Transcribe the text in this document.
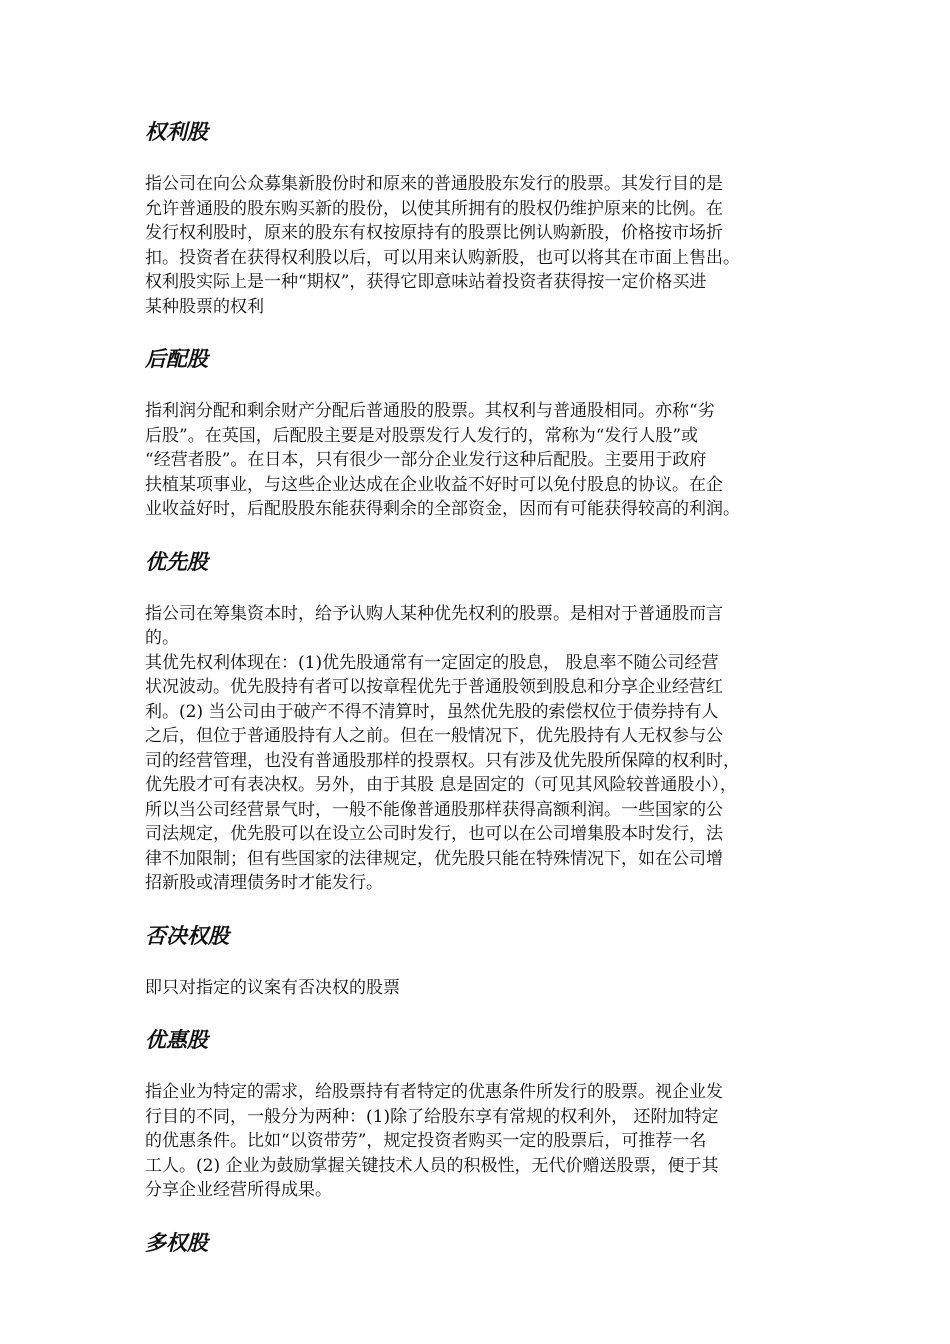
权利股

指公司在向公众募集新股份时和原来的普通股股东发行的股票。其发行目的是
允许普通股的股东购买新的股份，以使其所拥有的股权仍维护原来的比例。在
发行权利股时，原来的股东有权按原持有的股票比例认购新股，价格按市场折
扣。投资者在获得权利股以后，可以用来认购新股，也可以将其在市面上售出。
权利股实际上是一种“期权”，获得它即意味站着投资者获得按一定价格买进
某种股票的权利

后配股

指利润分配和剩余财产分配后普通股的股票。其权利与普通股相同。亦称“劣
后股”。在英国，后配股主要是对股票发行人发行的，常称为“发行人股”或
“经营者股”。在日本，只有很少一部分企业发行这种后配股。主要用于政府
扶植某项事业，与这些企业达成在企业收益不好时可以免付股息的协议。在企
业收益好时，后配股股东能获得剩余的全部资金，因而有可能获得较高的利润。

优先股

指公司在筹集资本时，给予认购人某种优先权利的股票。是相对于普通股而言
的。
其优先权利体现在：(1)优先股通常有一定固定的股息， 股息率不随公司经营
状况波动。优先股持有者可以按章程优先于普通股领到股息和分享企业经营红
利。(2) 当公司由于破产不得不清算时，虽然优先股的索偿权位于债券持有人
之后，但位于普通股持有人之前。但在一般情况下，优先股持有人无权参与公
司的经营管理，也没有普通股那样的投票权。只有涉及优先股所保障的权利时，
优先股才可有表决权。另外，由于其股 息是固定的（可见其风险较普通股小），
所以当公司经营景气时，一般不能像普通股那样获得高额利润。一些国家的公
司法规定，优先股可以在设立公司时发行，也可以在公司增集股本时发行，法
律不加限制；但有些国家的法律规定，优先股只能在特殊情况下，如在公司增
招新股或清理债务时才能发行。

否决权股

即只对指定的议案有否决权的股票

优惠股

指企业为特定的需求，给股票持有者特定的优惠条件所发行的股票。视企业发
行目的不同，一般分为两种：(1)除了给股东享有常规的权利外， 还附加特定
的优惠条件。比如“以资带劳”，规定投资者购买一定的股票后，可推荐一名
工人。(2) 企业为鼓励掌握关键技术人员的积极性，无代价赠送股票，便于其
分享企业经营所得成果。

多权股
